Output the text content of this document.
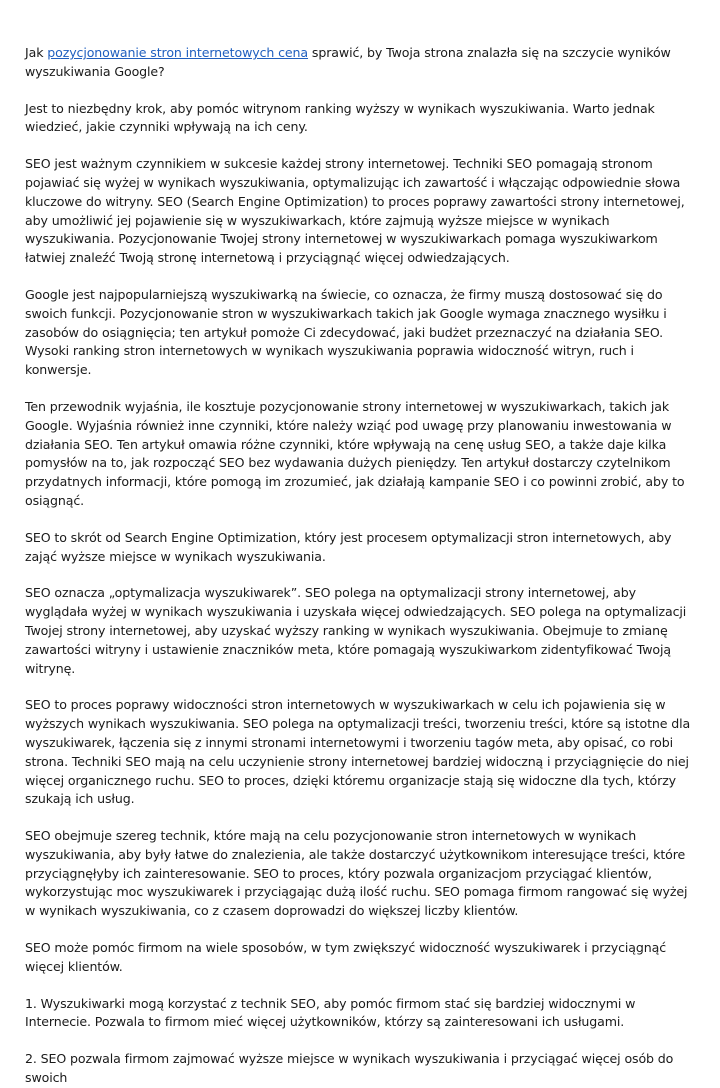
Jak pozycjonowanie stron internetowych cena sprawić, by Twoja strona znalazła się na szczycie wyników wyszukiwania Google?

Jest to niezbędny krok, aby pomóc witrynom ranking wyższy w wynikach wyszukiwania. Warto jednak wiedzieć, jakie czynniki wpływają na ich ceny.

SEO jest ważnym czynnikiem w sukcesie każdej strony internetowej. Techniki SEO pomagają stronom pojawiać się wyżej w wynikach wyszukiwania, optymalizując ich zawartość i włączając odpowiednie słowa kluczowe do witryny. SEO (Search Engine Optimization) to proces poprawy zawartości strony internetowej, aby umożliwić jej pojawienie się w wyszukiwarkach, które zajmują wyższe miejsce w wynikach wyszukiwania. Pozycjonowanie Twojej strony internetowej w wyszukiwarkach pomaga wyszukiwarkom łatwiej znaleźć Twoją stronę internetową i przyciągnąć więcej odwiedzających.

Google jest najpopularniejszą wyszukiwarką na świecie, co oznacza, że firmy muszą dostosować się do swoich funkcji. Pozycjonowanie stron w wyszukiwarkach takich jak Google wymaga znacznego wysiłku i zasobów do osiągnięcia; ten artykuł pomoże Ci zdecydować, jaki budżet przeznaczyć na działania SEO. Wysoki ranking stron internetowych w wynikach wyszukiwania poprawia widoczność witryn, ruch i konwersje.

Ten przewodnik wyjaśnia, ile kosztuje pozycjonowanie strony internetowej w wyszukiwarkach, takich jak Google. Wyjaśnia również inne czynniki, które należy wziąć pod uwagę przy planowaniu inwestowania w działania SEO. Ten artykuł omawia różne czynniki, które wpływają na cenę usług SEO, a także daje kilka pomysłów na to, jak rozpocząć SEO bez wydawania dużych pieniędzy. Ten artykuł dostarczy czytelnikom przydatnych informacji, które pomogą im zrozumieć, jak działają kampanie SEO i co powinni zrobić, aby to osiągnąć.

SEO to skrót od Search Engine Optimization, który jest procesem optymalizacji stron internetowych, aby zająć wyższe miejsce w wynikach wyszukiwania.

SEO oznacza „optymalizacja wyszukiwarek”. SEO polega na optymalizacji strony internetowej, aby wyglądała wyżej w wynikach wyszukiwania i uzyskała więcej odwiedzających. SEO polega na optymalizacji Twojej strony internetowej, aby uzyskać wyższy ranking w wynikach wyszukiwania. Obejmuje to zmianę zawartości witryny i ustawienie znaczników meta, które pomagają wyszukiwarkom zidentyfikować Twoją witrynę.

SEO to proces poprawy widoczności stron internetowych w wyszukiwarkach w celu ich pojawienia się w wyższych wynikach wyszukiwania. SEO polega na optymalizacji treści, tworzeniu treści, które są istotne dla wyszukiwarek, łączenia się z innymi stronami internetowymi i tworzeniu tagów meta, aby opisać, co robi strona. Techniki SEO mają na celu uczynienie strony internetowej bardziej widoczną i przyciągnięcie do niej więcej organicznego ruchu. SEO to proces, dzięki któremu organizacje stają się widoczne dla tych, którzy szukają ich usług.

SEO obejmuje szereg technik, które mają na celu pozycjonowanie stron internetowych w wynikach wyszukiwania, aby były łatwe do znalezienia, ale także dostarczyć użytkownikom interesujące treści, które przyciągnęłyby ich zainteresowanie. SEO to proces, który pozwala organizacjom przyciągać klientów, wykorzystując moc wyszukiwarek i przyciągając dużą ilość ruchu. SEO pomaga firmom rangować się wyżej w wynikach wyszukiwania, co z czasem doprowadzi do większej liczby klientów.

SEO może pomóc firmom na wiele sposobów, w tym zwiększyć widoczność wyszukiwarek i przyciągnąć więcej klientów.

1. Wyszukiwarki mogą korzystać z technik SEO, aby pomóc firmom stać się bardziej widocznymi w Internecie. Pozwala to firmom mieć więcej użytkowników, którzy są zainteresowani ich usługami.

2. SEO pozwala firmom zajmować wyższe miejsce w wynikach wyszukiwania i przyciągać więcej osób do swoich
